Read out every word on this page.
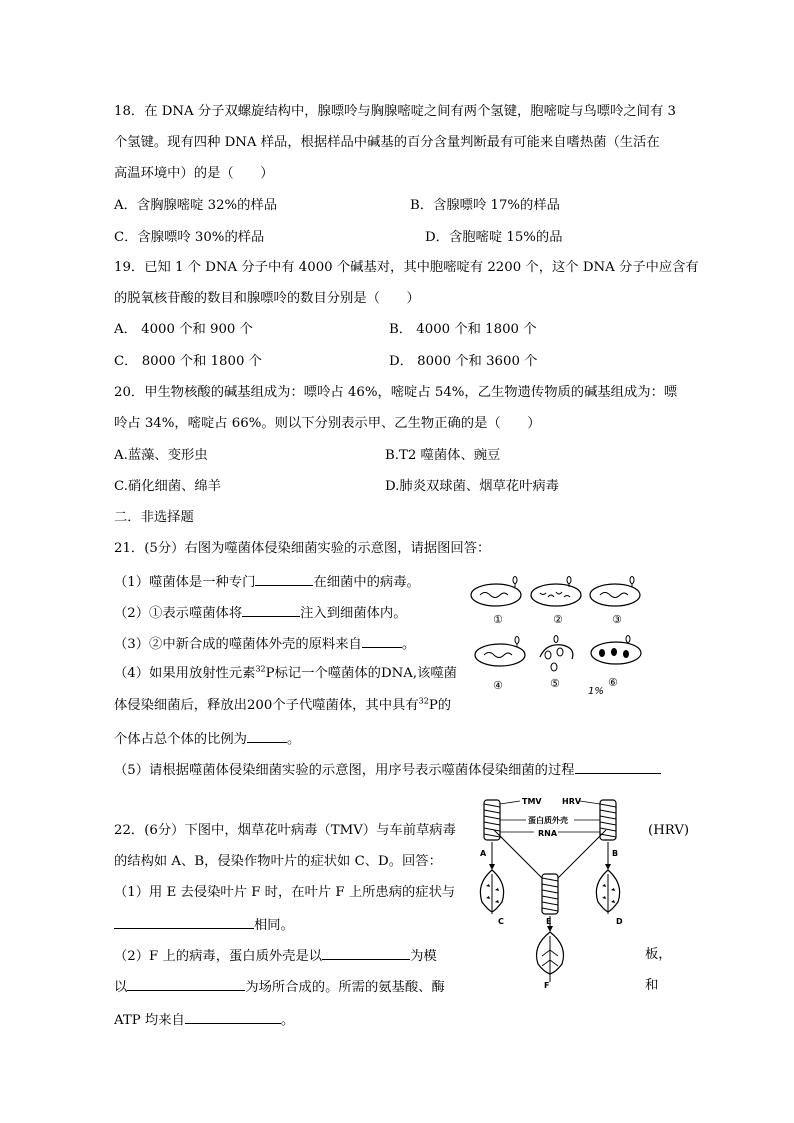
18．在 DNA 分子双螺旋结构中，腺嘌呤与胸腺嘧啶之间有两个氢键，胞嘧啶与鸟嘌呤之间有 3
个氢键。现有四种 DNA 样品，根据样品中碱基的百分含量判断最有可能来自嗜热菌（生活在
高温环境中）的是（　　）
A．含胸腺嘧啶 32%的样品	B．含腺嘌呤 17%的样品
C．含腺嘌呤 30%的样品	D．含胞嘧啶 15%的品
19．已知 1 个 DNA 分子中有 4000 个碱基对，其中胞嘧啶有 2200 个，这个 DNA 分子中应含有
的脱氧核苷酸的数目和腺嘌呤的数目分别是（　　）
A． 4000 个和 900 个	B． 4000 个和 1800 个
C． 8000 个和 1800 个	D． 8000 个和 3600 个
20．甲生物核酸的碱基组成为：嘌呤占 46%，嘧啶占 54%，乙生物遗传物质的碱基组成为：嘌
呤占 34%，嘧啶占 66%。则以下分别表示甲、乙生物正确的是（　　）
A.蓝藻、变形虫	B.T2 噬菌体、豌豆
C.硝化细菌、绵羊	D.肺炎双球菌、烟草花叶病毒
二．非选择题
21．(5分）右图为噬菌体侵染细菌实验的示意图，请据图回答：
（1）噬菌体是一种专门	在细菌中的病毒。
（2）①表示噬菌体将	注入到细菌体内。
（3）②中新合成的噬菌体外壳的原料来自	。
（4）如果用放射性元素$^{32}$P标记一个噬菌体的DNA,该噬菌
体侵染细菌后，释放出200个子代噬菌体，其中具有$^{32}$P的
个体占总个体的比例为	。
（5）请根据噬菌体侵染细菌实验的示意图，用序号表示噬菌体侵染细菌的过程
①	②	③
④	⑤
1%
⑥
22．(6分）下图中，烟草花叶病毒（TMV）与车前草病毒	(HRV)
的结构如 A、B，侵染作物叶片的症状如 C、D。回答：
（1）用 E 去侵染叶片 F 时，在叶片 F 上所患病的症状与
相同。
（2）F 上的病毒，蛋白质外壳是以	为模	板，
以	为场所合成的。所需的氨基酸、酶	和
ATP 均来自	。
TMV	HRV
蛋白质外壳
RNA
A	B
C	D
E
F
